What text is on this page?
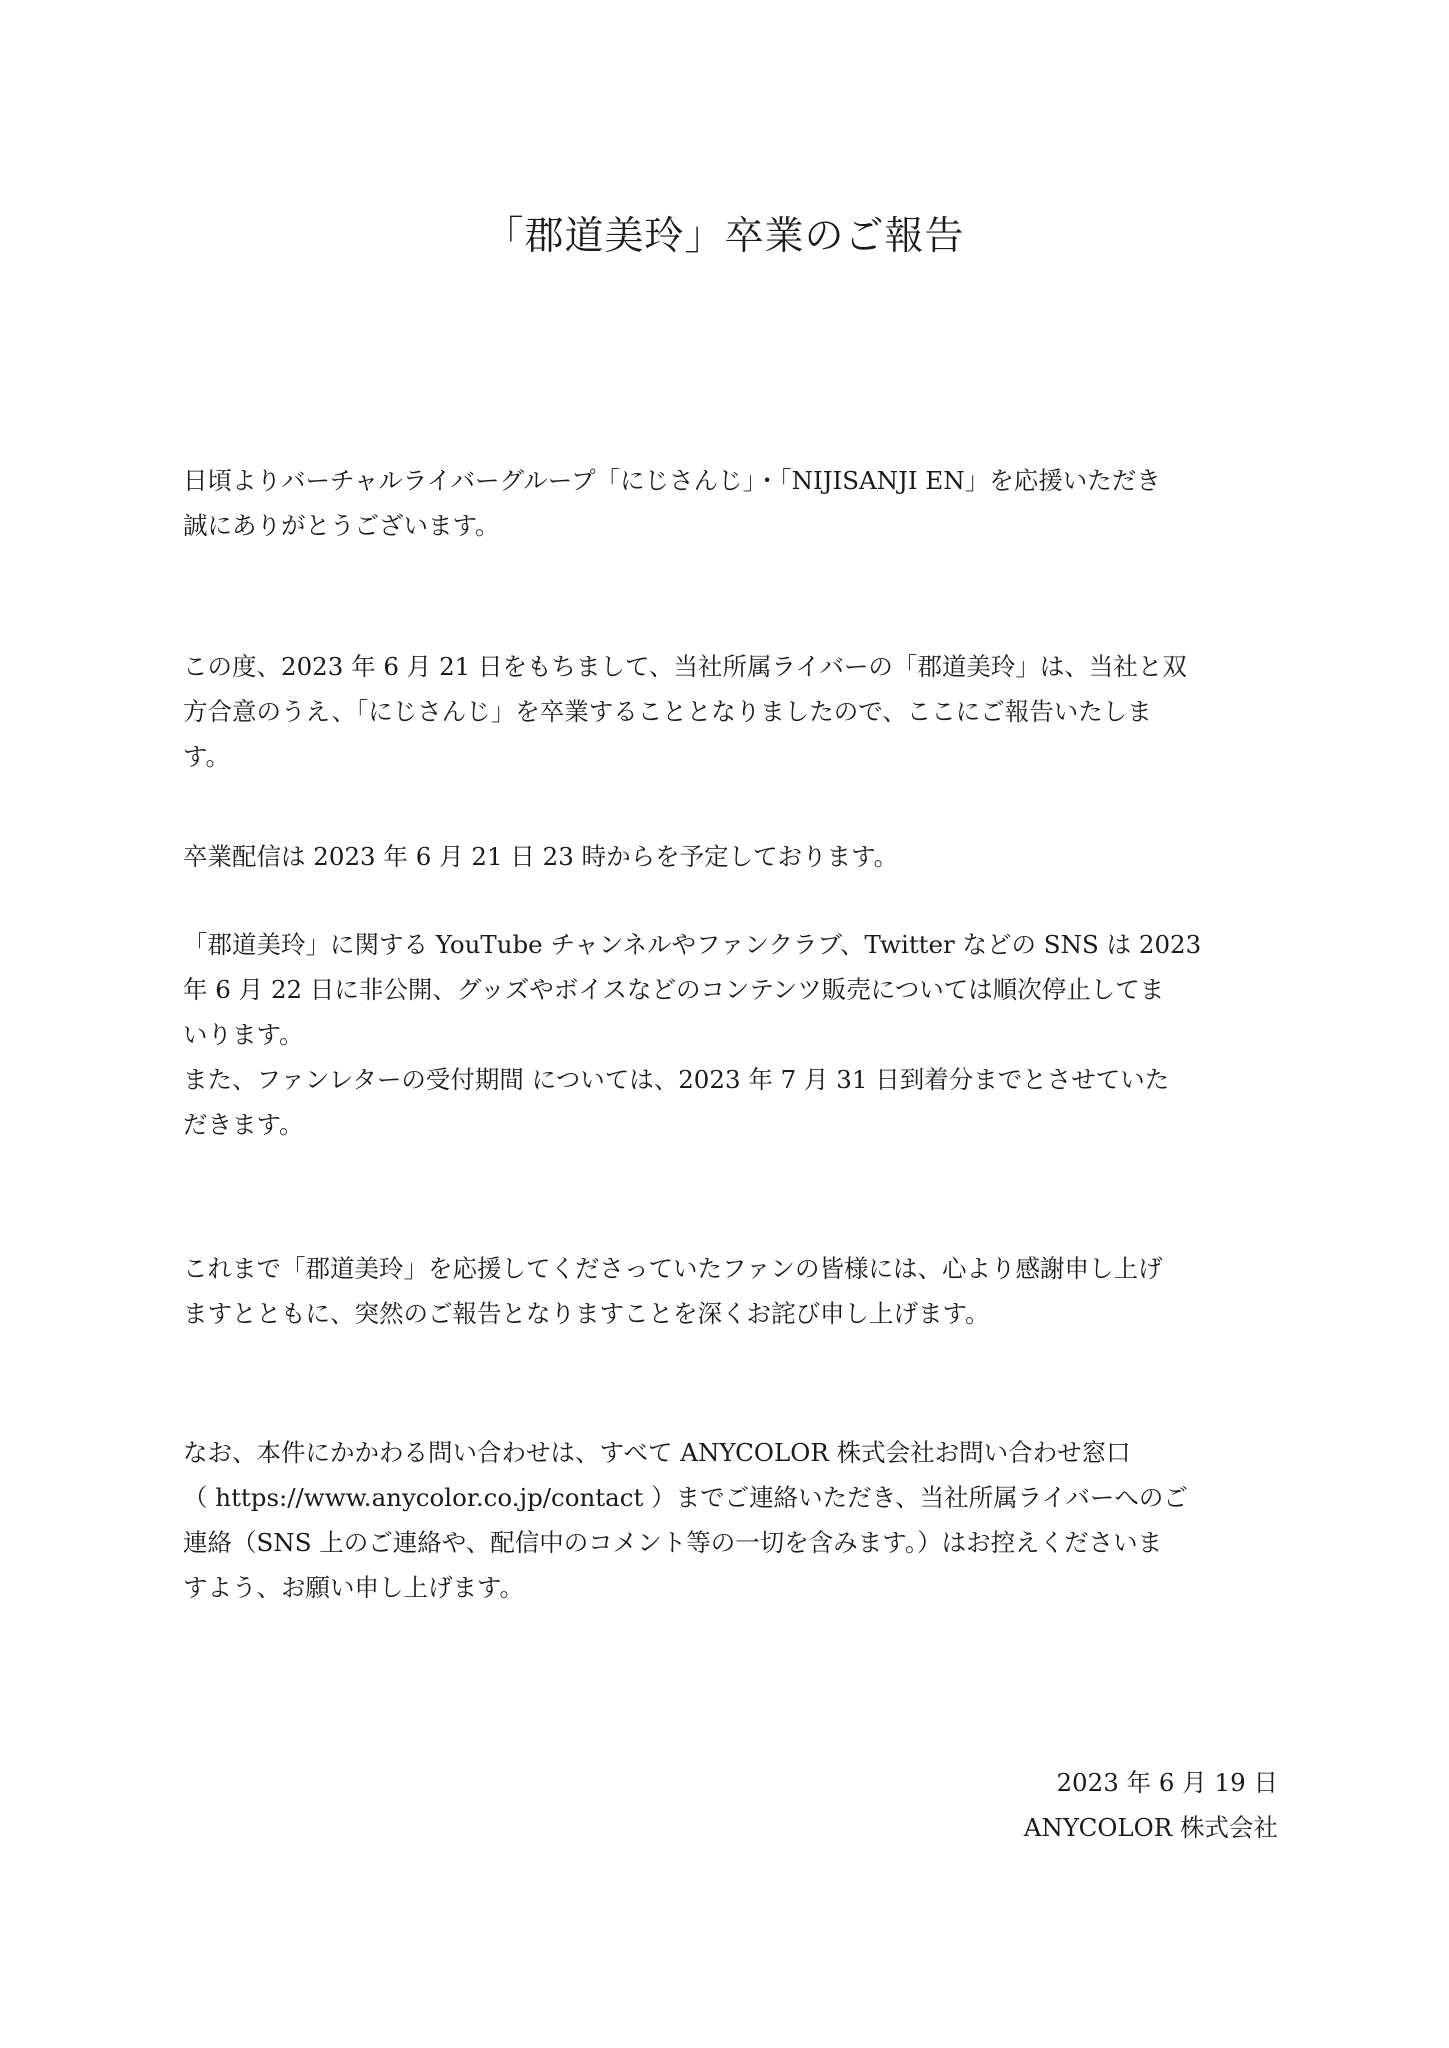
「郡道美玲」卒業のご報告

日頃よりバーチャルライバーグループ「にじさんじ」・「NIJISANJI EN」を応援いただき
誠にありがとうございます。

この度、2023 年 6 月 21 日をもちまして、当社所属ライバーの「郡道美玲」は、当社と双
方合意のうえ、「にじさんじ」を卒業することとなりましたので、ここにご報告いたしま
す。

卒業配信は 2023 年 6 月 21 日 23 時からを予定しております。

「郡道美玲」に関する YouTube チャンネルやファンクラブ、Twitter などの SNS は 2023
年 6 月 22 日に非公開、グッズやボイスなどのコンテンツ販売については順次停止してま
いります。
また、ファンレターの受付期間 については、2023 年 7 月 31 日到着分までとさせていた
だきます。

これまで「郡道美玲」を応援してくださっていたファンの皆様には、心より感謝申し上げ
ますとともに、突然のご報告となりますことを深くお詫び申し上げます。

なお、本件にかかわる問い合わせは、すべて ANYCOLOR 株式会社お問い合わせ窓口
（ https://www.anycolor.co.jp/contact ）までご連絡いただき、当社所属ライバーへのご
連絡（SNS 上のご連絡や、配信中のコメント等の一切を含みます。）はお控えくださいま
すよう、お願い申し上げます。

2023 年 6 月 19 日
ANYCOLOR 株式会社
